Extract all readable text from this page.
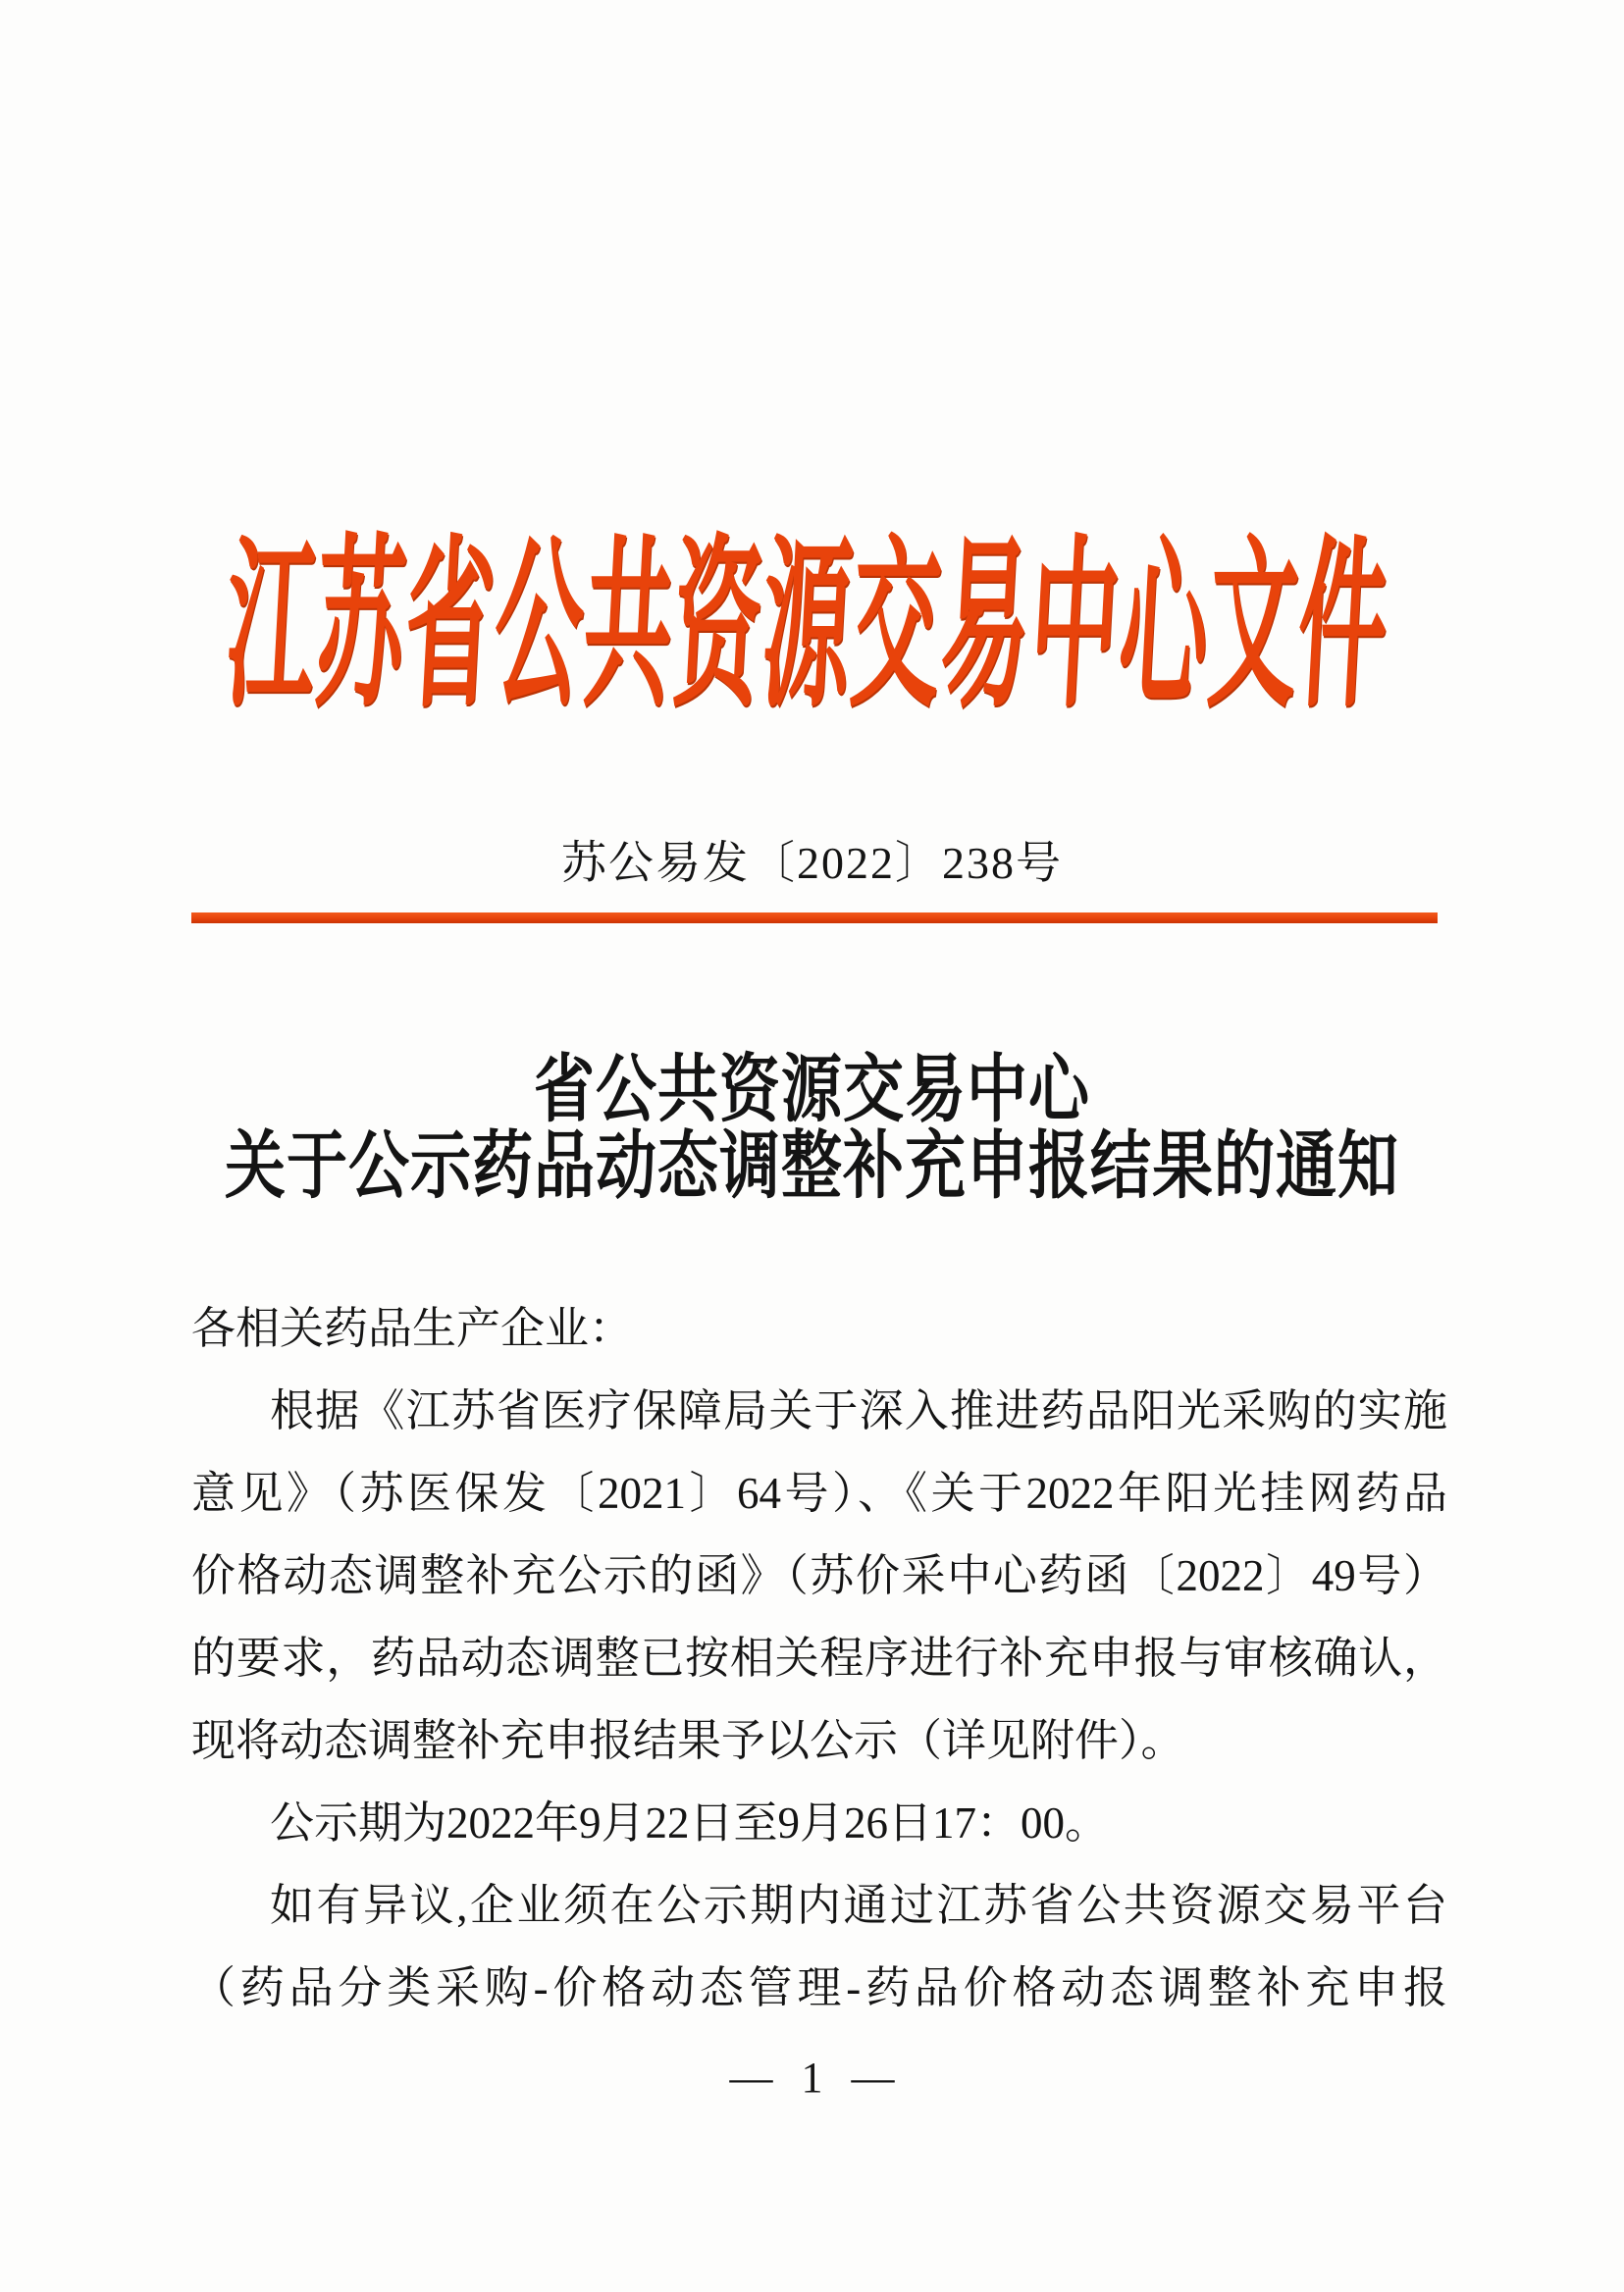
江苏省公共资源交易中心文件
苏公易发〔2022〕238号
省公共资源交易中心
关于公示药品动态调整补充申报结果的通知
各相关药品生产企业：
根据《江苏省医疗保障局关于深入推进药品阳光采购的实施
意见》（苏医保发〔2021〕64号）、《关于2022年阳光挂网药品
价格动态调整补充公示的函》（苏价采中心药函〔2022〕49号）
的要求，药品动态调整已按相关程序进行补充申报与审核确认，
现将动态调整补充申报结果予以公示（详见附件）。
公示期为2022年9月22日至9月26日17：00。
如有异议,企业须在公示期内通过江苏省公共资源交易平台
（药品分类采购-价格动态管理-药品价格动态调整补充申报
— 1 —
